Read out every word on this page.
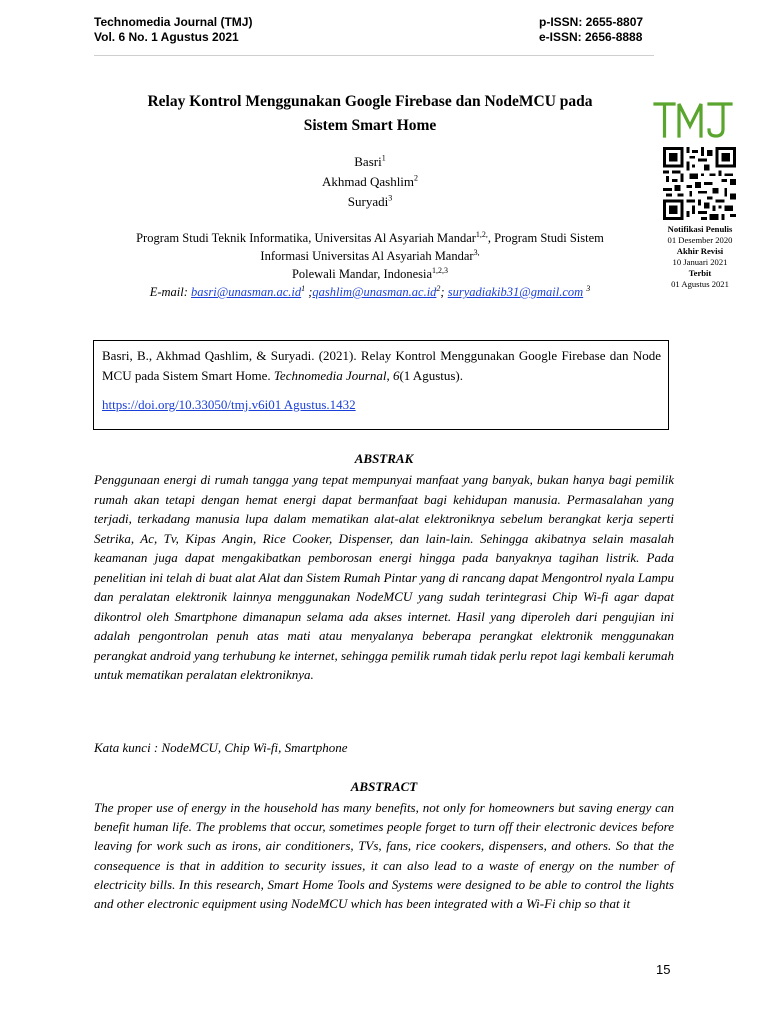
Technomedia Journal (TMJ)
Vol. 6 No. 1 Agustus 2021
p-ISSN: 2655-8807
e-ISSN: 2656-8888
Relay Kontrol Menggunakan Google Firebase dan NodeMCU pada
Sistem Smart Home
TMJ
Notifikasi Penulis
01 Desember 2020
Akhir Revisi
10 Januari 2021
Terbit
01 Agustus 2021
Basri$^1$
Akhmad Qashlim$^2$
Suryadi$^3$
Program Studi Teknik Informatika, Universitas Al Asyariah Mandar$^{1,2,}$, Program Studi Sistem
Informasi Universitas Al Asyariah Mandar$^{3,}$
Polewali Mandar, Indonesia$^{1,2,3}$
E-mail: $basri@unasman.ac.id^1$ $;qashlim@unasman.ac.id^2$; suryadiakib31@gmail.com $^3$
Basri, B., Akhmad Qashlim, & Suryadi. (2021). Relay Kontrol Menggunakan Google Firebase dan Node MCU pada Sistem Smart Home. Technomedia Journal, 6(1 Agustus).
https://doi.org/10.33050/tmj.v6i01 Agustus.1432
ABSTRAK

Penggunaan energi di rumah tangga yang tepat mempunyai manfaat yang banyak, bukan hanya bagi pemilik rumah akan tetapi dengan hemat energi dapat bermanfaat bagi kehidupan manusia. Permasalahan yang terjadi, terkadang manusia lupa dalam mematikan alat-alat elektroniknya sebelum berangkat kerja seperti Setrika, Ac, Tv, Kipas Angin, Rice Cooker, Dispenser, dan lain-lain. Sehingga akibatnya selain masalah keamanan juga dapat mengakibatkan pemborosan energi hingga pada banyaknya tagihan listrik. Pada penelitian ini telah di buat alat Alat dan Sistem Rumah Pintar yang di rancang dapat Mengontrol nyala Lampu dan peralatan elektronik lainnya menggunakan NodeMCU yang sudah terintegrasi Chip Wi-fi agar dapat dikontrol oleh Smartphone dimanapun selama ada akses internet. Hasil yang diperoleh dari pengujian ini adalah pengontrolan penuh atas mati atau menyalanya beberapa perangkat elektronik menggunakan perangkat android yang terhubung ke internet, sehingga pemilik rumah tidak perlu repot lagi kembali kerumah untuk mematikan peralatan elektroniknya.

Kata kunci : NodeMCU, Chip Wi-fi, Smartphone
ABSTRACT

The proper use of energy in the household has many benefits, not only for homeowners but saving energy can benefit human life. The problems that occur, sometimes people forget to turn off their electronic devices before leaving for work such as irons, air conditioners, TVs, fans, rice cookers, dispensers, and others. So that the consequence is that in addition to security issues, it can also lead to a waste of energy on the number of electricity bills. In this research, Smart Home Tools and Systems were designed to be able to control the lights and other electronic equipment using NodeMCU which has been integrated with a Wi-Fi chip so that it

15
